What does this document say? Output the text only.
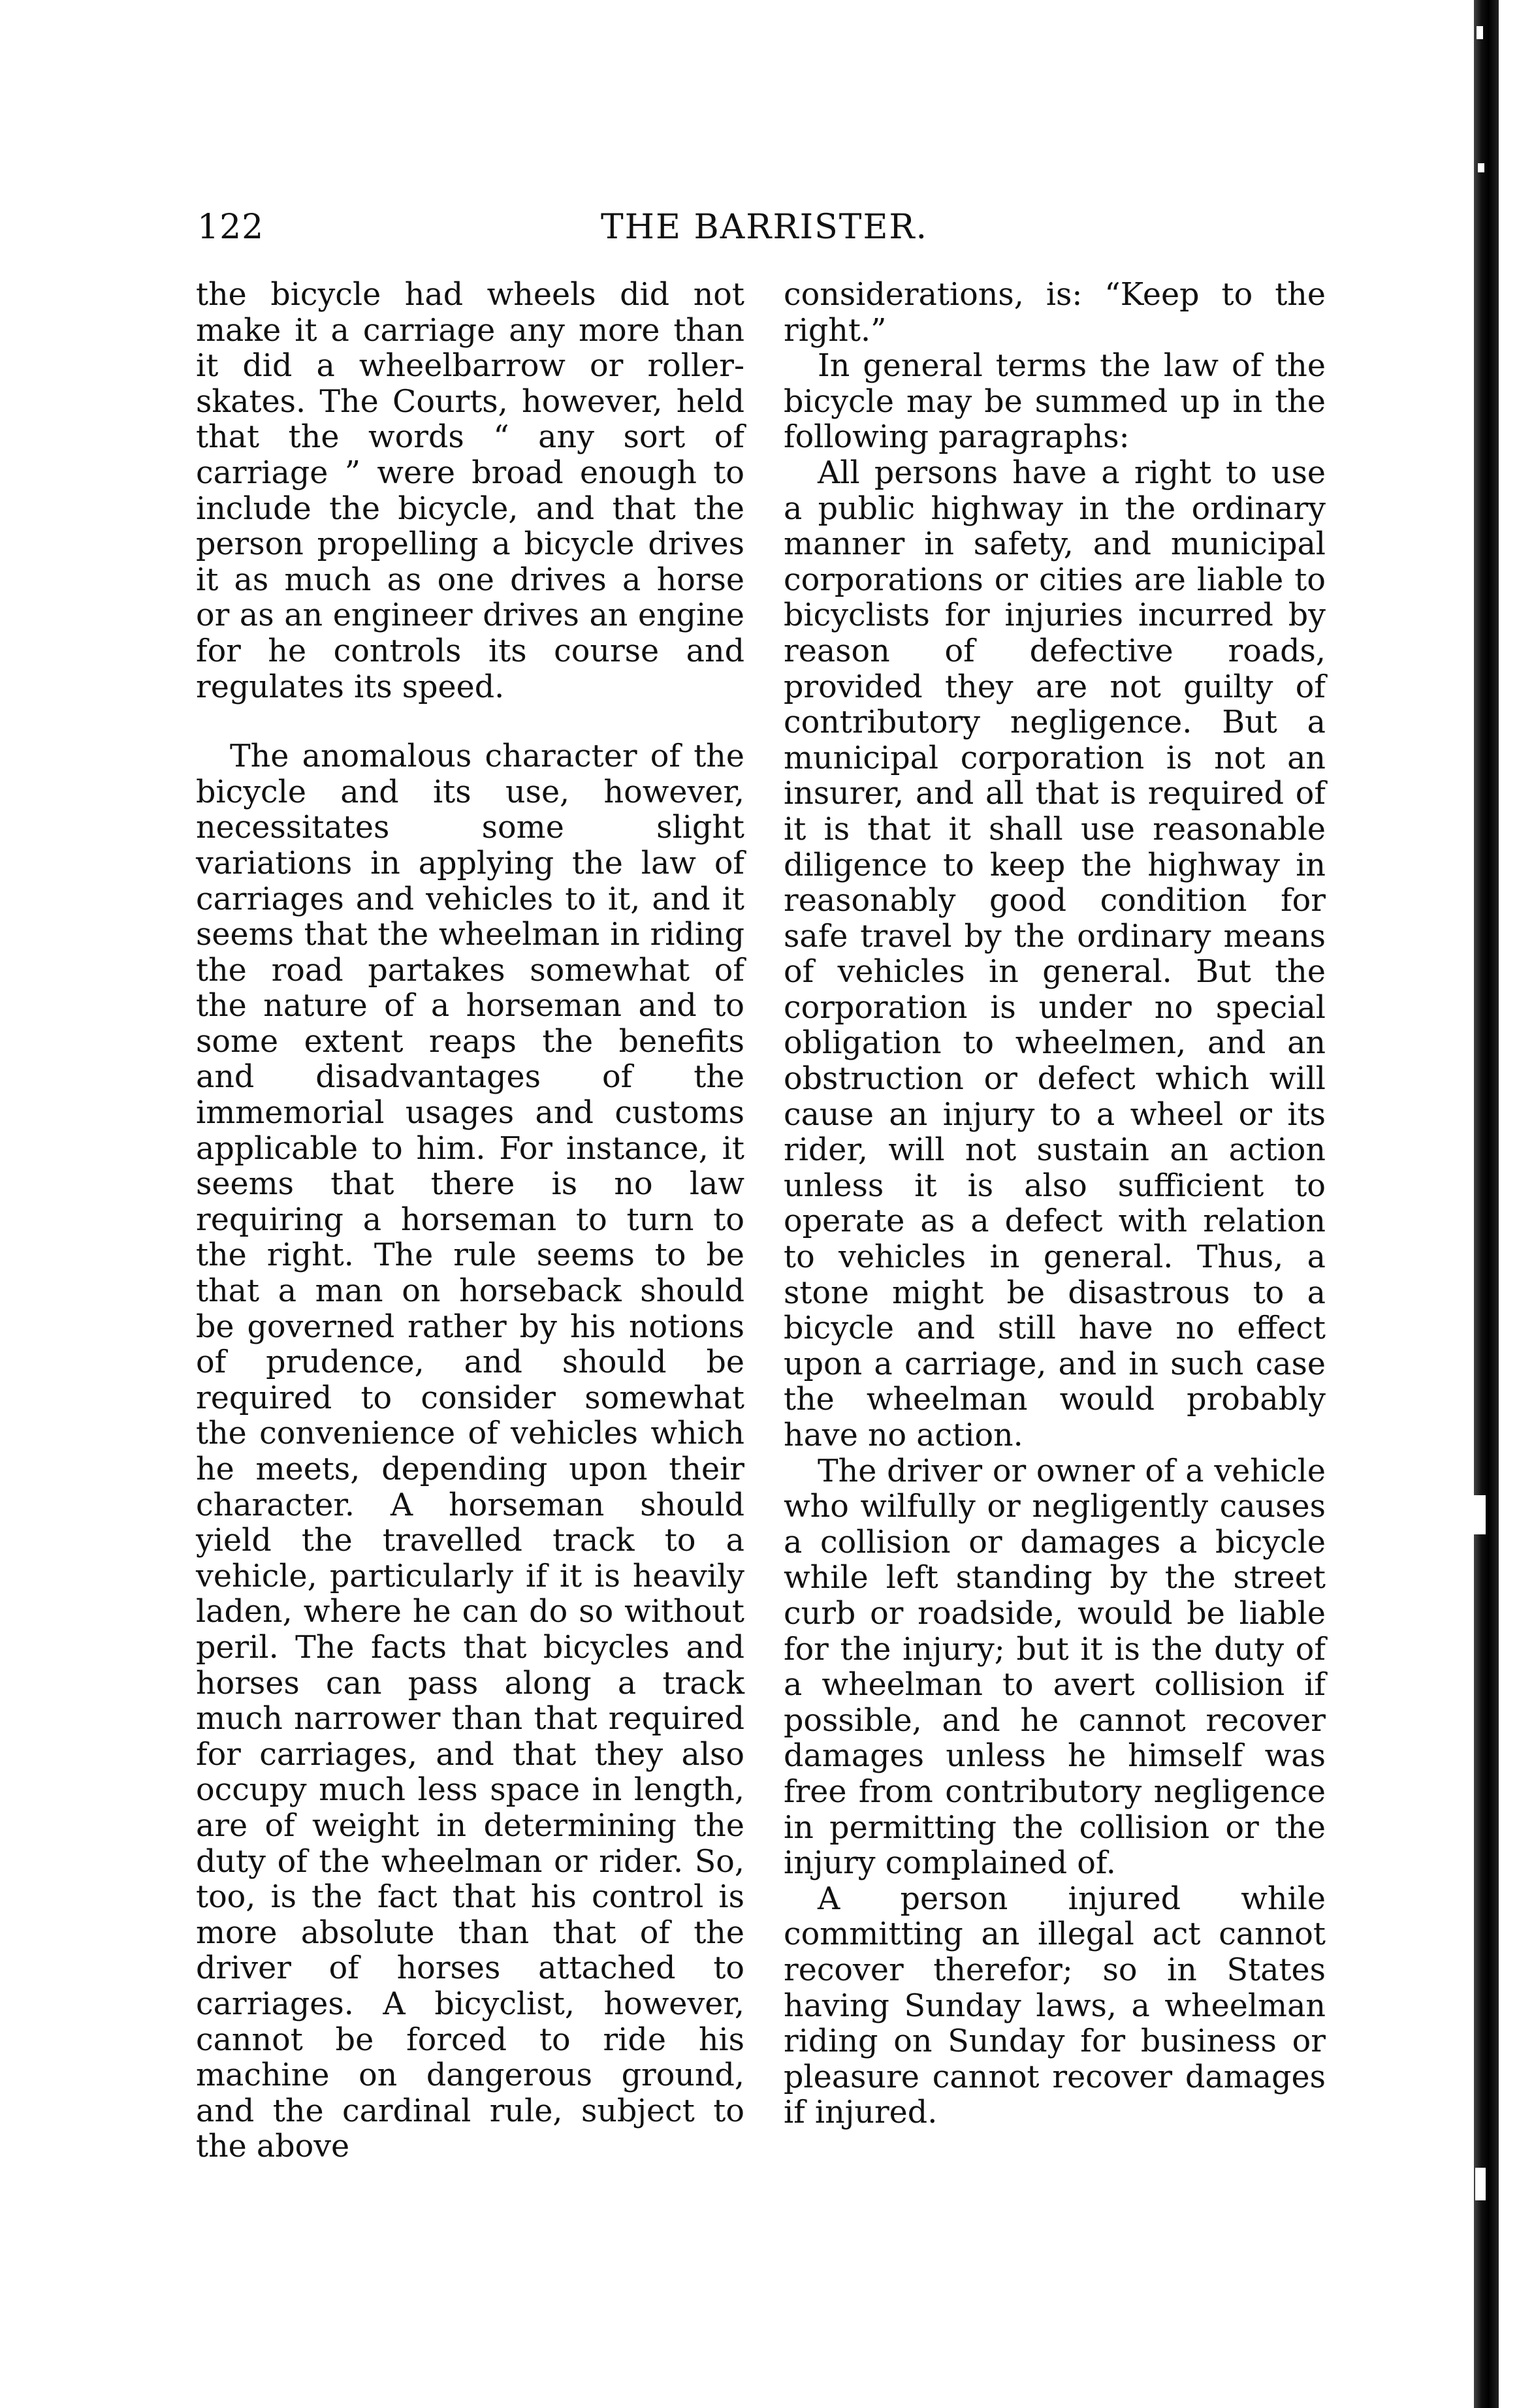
122	THE BARRISTER.

the bicycle had wheels did not make it a carriage any more than it did a wheelbarrow or roller-skates. The Courts, however, held that the words “ any sort of carriage ” were broad enough to include the bicycle, and that the person propelling a bicycle drives it as much as one drives a horse or as an engineer drives an engine for he controls its course and regulates its speed.

The anomalous character of the bicycle and its use, however, necessitates some slight variations in applying the law of carriages and vehicles to it, and it seems that the wheelman in riding the road partakes somewhat of the nature of a horseman and to some extent reaps the benefits and disadvantages of the immemorial usages and customs applicable to him. For instance, it seems that there is no law requiring a horseman to turn to the right. The rule seems to be that a man on horseback should be governed rather by his notions of prudence, and should be required to consider somewhat the convenience of vehicles which he meets, depending upon their character. A horseman should yield the travelled track to a vehicle, particularly if it is heavily laden, where he can do so without peril. The facts that bicycles and horses can pass along a track much narrower than that required for carriages, and that they also occupy much less space in length, are of weight in determining the duty of the wheelman or rider. So, too, is the fact that his control is more absolute than that of the driver of horses attached to carriages. A bicyclist, however, cannot be forced to ride his machine on dangerous ground, and the cardinal rule, subject to the above

considerations, is: “Keep to the right.”

In general terms the law of the bicycle may be summed up in the following paragraphs:

All persons have a right to use a public highway in the ordinary manner in safety, and municipal corporations or cities are liable to bicyclists for injuries incurred by reason of defective roads, provided they are not guilty of contributory negligence. But a municipal corporation is not an insurer, and all that is required of it is that it shall use reasonable diligence to keep the highway in reasonably good condition for safe travel by the ordinary means of vehicles in general. But the corporation is under no special obligation to wheelmen, and an obstruction or defect which will cause an injury to a wheel or its rider, will not sustain an action unless it is also sufficient to operate as a defect with relation to vehicles in general. Thus, a stone might be disastrous to a bicycle and still have no effect upon a carriage, and in such case the wheelman would probably have no action.

The driver or owner of a vehicle who wilfully or negligently causes a collision or damages a bicycle while left standing by the street curb or roadside, would be liable for the injury; but it is the duty of a wheelman to avert collision if possible, and he cannot recover damages unless he himself was free from contributory negligence in permitting the collision or the injury complained of.

A person injured while committing an illegal act cannot recover therefor; so in States having Sunday laws, a wheelman riding on Sunday for business or pleasure cannot recover damages if injured.
